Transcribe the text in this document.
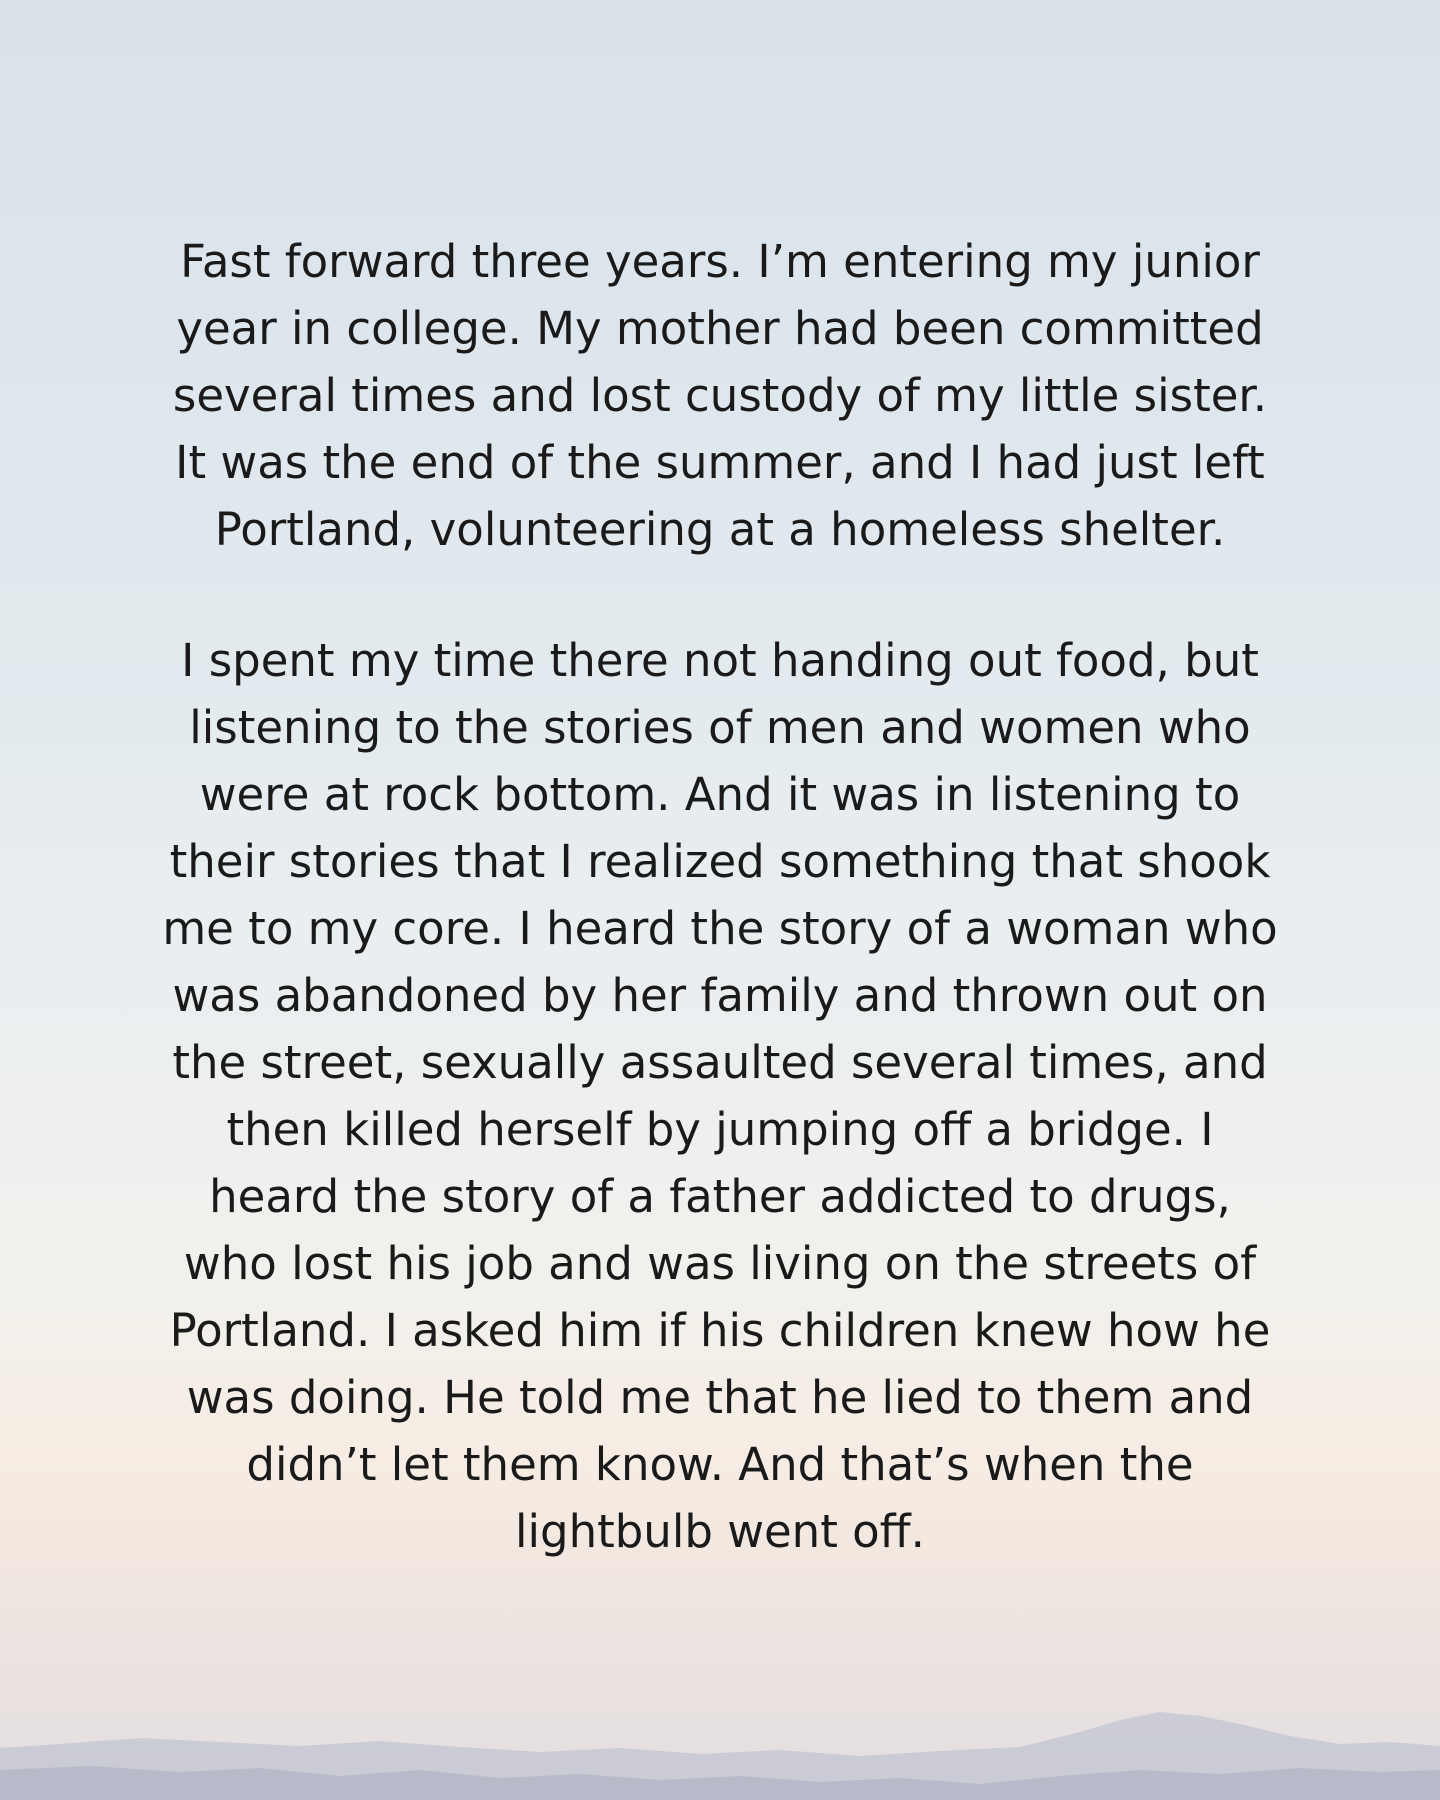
Fast forward three years. I’m entering my junior
year in college. My mother had been committed
several times and lost custody of my little sister.
It was the end of the summer, and I had just left
Portland, volunteering at a homeless shelter.

I spent my time there not handing out food, but
listening to the stories of men and women who
were at rock bottom. And it was in listening to
their stories that I realized something that shook
me to my core. I heard the story of a woman who
was abandoned by her family and thrown out on
the street, sexually assaulted several times, and
then killed herself by jumping off a bridge. I
heard the story of a father addicted to drugs,
who lost his job and was living on the streets of
Portland. I asked him if his children knew how he
was doing. He told me that he lied to them and
didn’t let them know. And that’s when the
lightbulb went off.
